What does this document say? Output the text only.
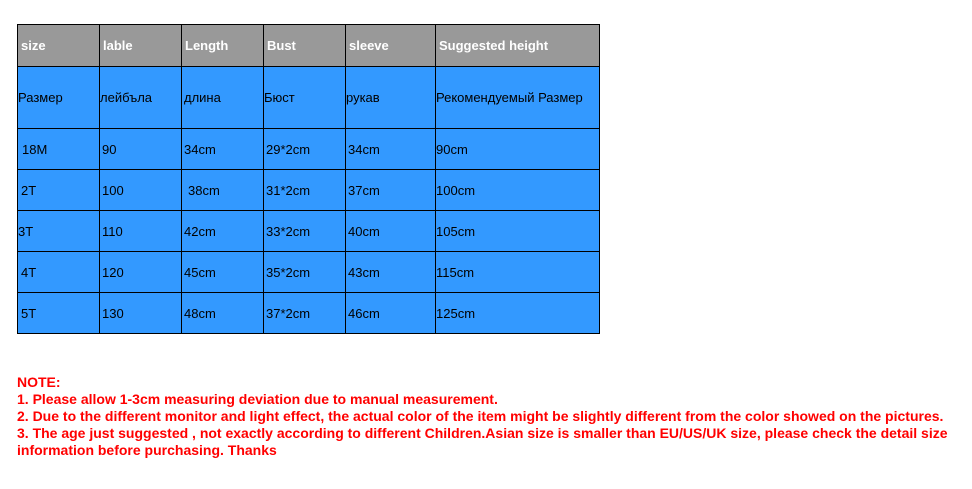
size	lable	Length	Bust	sleeve	Suggested height

Размер	лейбъла	длина	Бюст	рукав	Рекомендуемый Размер

18M	90	34cm	29*2cm	34cm	90cm

2T	100	38cm	31*2cm	37cm	100cm

3T	110	42cm	33*2cm	40cm	105cm

4T	120	45cm	35*2cm	43cm	115cm

5T	130	48cm	37*2cm	46cm	125cm

NOTE:

1. Please allow 1-3cm measuring deviation due to manual measurement.

2. Due to the different monitor and light effect, the actual color of the item might be slightly different from the color showed on the pictures.

3. The age just suggested , not exactly according to different Children.Asian size is smaller than EU/US/UK size, please check the detail size information before purchasing. Thanks
